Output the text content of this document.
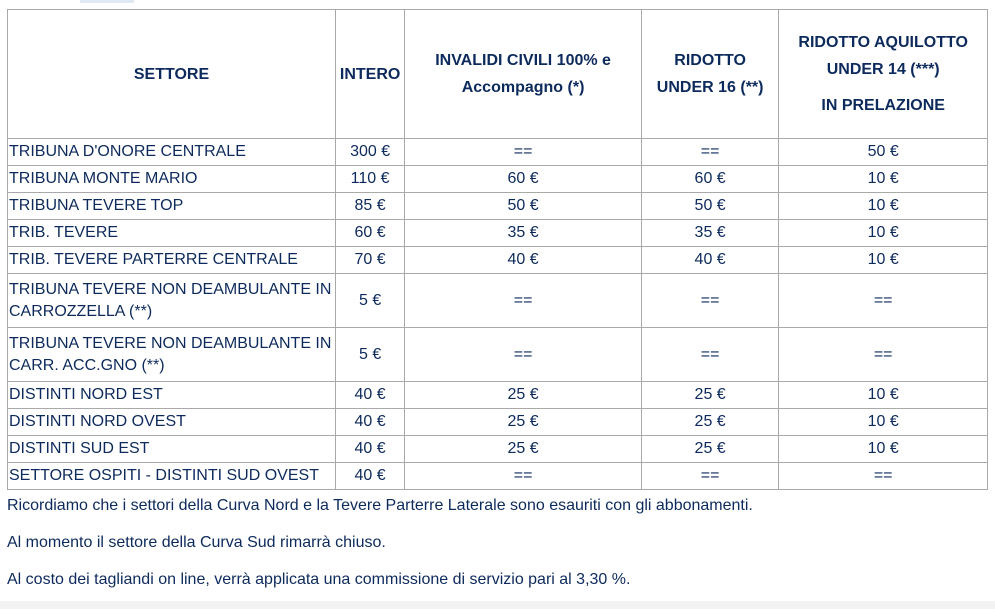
SETTORE	INTERO	INVALIDI CIVILI 100% e Accompagno (*)	RIDOTTO UNDER 16 (**)	RIDOTTO AQUILOTTO UNDER 14 (***)
IN PRELAZIONE

TRIBUNA D'ONORE CENTRALE	300 €	==	==	50 €
TRIBUNA MONTE MARIO	110 €	60 €	60 €	10 €
TRIBUNA TEVERE TOP	85 €	50 €	50 €	10 €
TRIB. TEVERE	60 €	35 €	35 €	10 €
TRIB. TEVERE PARTERRE CENTRALE	70 €	40 €	40 €	10 €
TRIBUNA TEVERE NON DEAMBULANTE IN CARROZZELLA (**)	5 €	==	==	==
TRIBUNA TEVERE NON DEAMBULANTE IN CARR. ACC.GNO (**)	5 €	==	==	==
DISTINTI NORD EST	40 €	25 €	25 €	10 €
DISTINTI NORD OVEST	40 €	25 €	25 €	10 €
DISTINTI SUD EST	40 €	25 €	25 €	10 €
SETTORE OSPITI - DISTINTI SUD OVEST	40 €	==	==	==

Ricordiamo che i settori della Curva Nord e la Tevere Parterre Laterale sono esauriti con gli abbonamenti.

Al momento il settore della Curva Sud rimarrà chiuso.

Al costo dei tagliandi on line, verrà applicata una commissione di servizio pari al 3,30 %.
